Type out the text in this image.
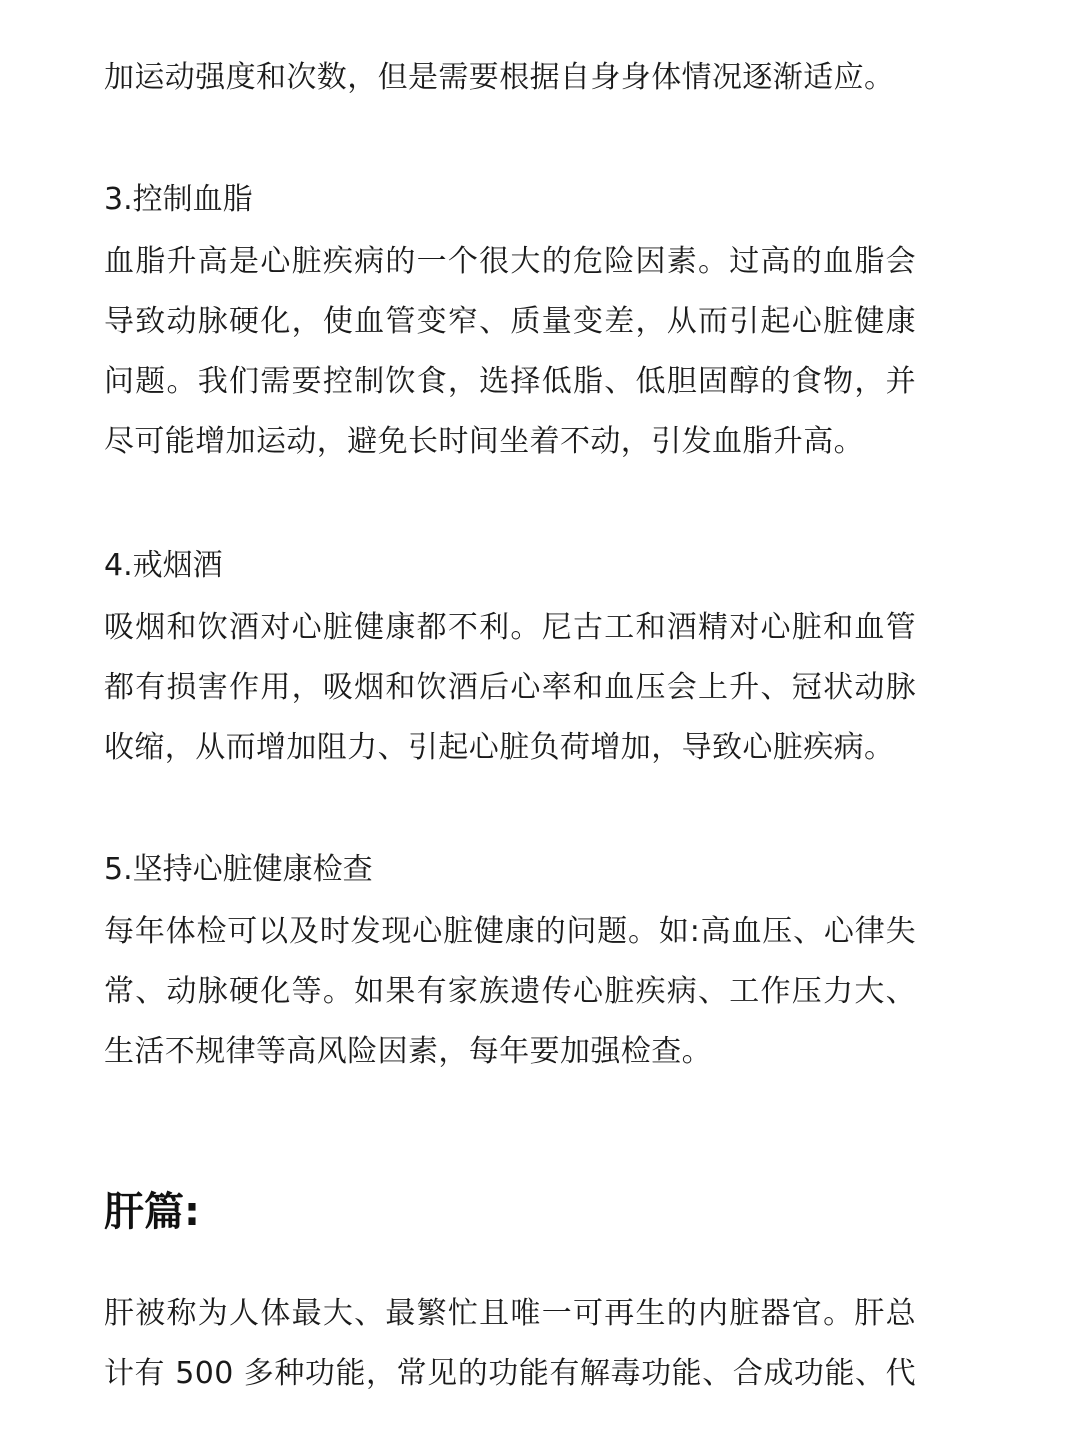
加运动强度和次数，但是需要根据自身身体情况逐渐适应。
3.控制血脂
血脂升高是心脏疾病的一个很大的危险因素。过高的血脂会
导致动脉硬化，使血管变窄、质量变差，从而引起心脏健康
问题。我们需要控制饮食，选择低脂、低胆固醇的食物，并
尽可能增加运动，避免长时间坐着不动，引发血脂升高。
4.戒烟酒
吸烟和饮酒对心脏健康都不利。尼古工和酒精对心脏和血管
都有损害作用，吸烟和饮酒后心率和血压会上升、冠状动脉
收缩，从而增加阻力、引起心脏负荷增加，导致心脏疾病。
5.坚持心脏健康检查
每年体检可以及时发现心脏健康的问题。如:高血压、心律失
常、动脉硬化等。如果有家族遗传心脏疾病、工作压力大、
生活不规律等高风险因素，每年要加强检查。
肝篇:
肝被称为人体最大、最繁忙且唯一可再生的内脏器官。肝总
计有 500 多种功能，常见的功能有解毒功能、合成功能、代
